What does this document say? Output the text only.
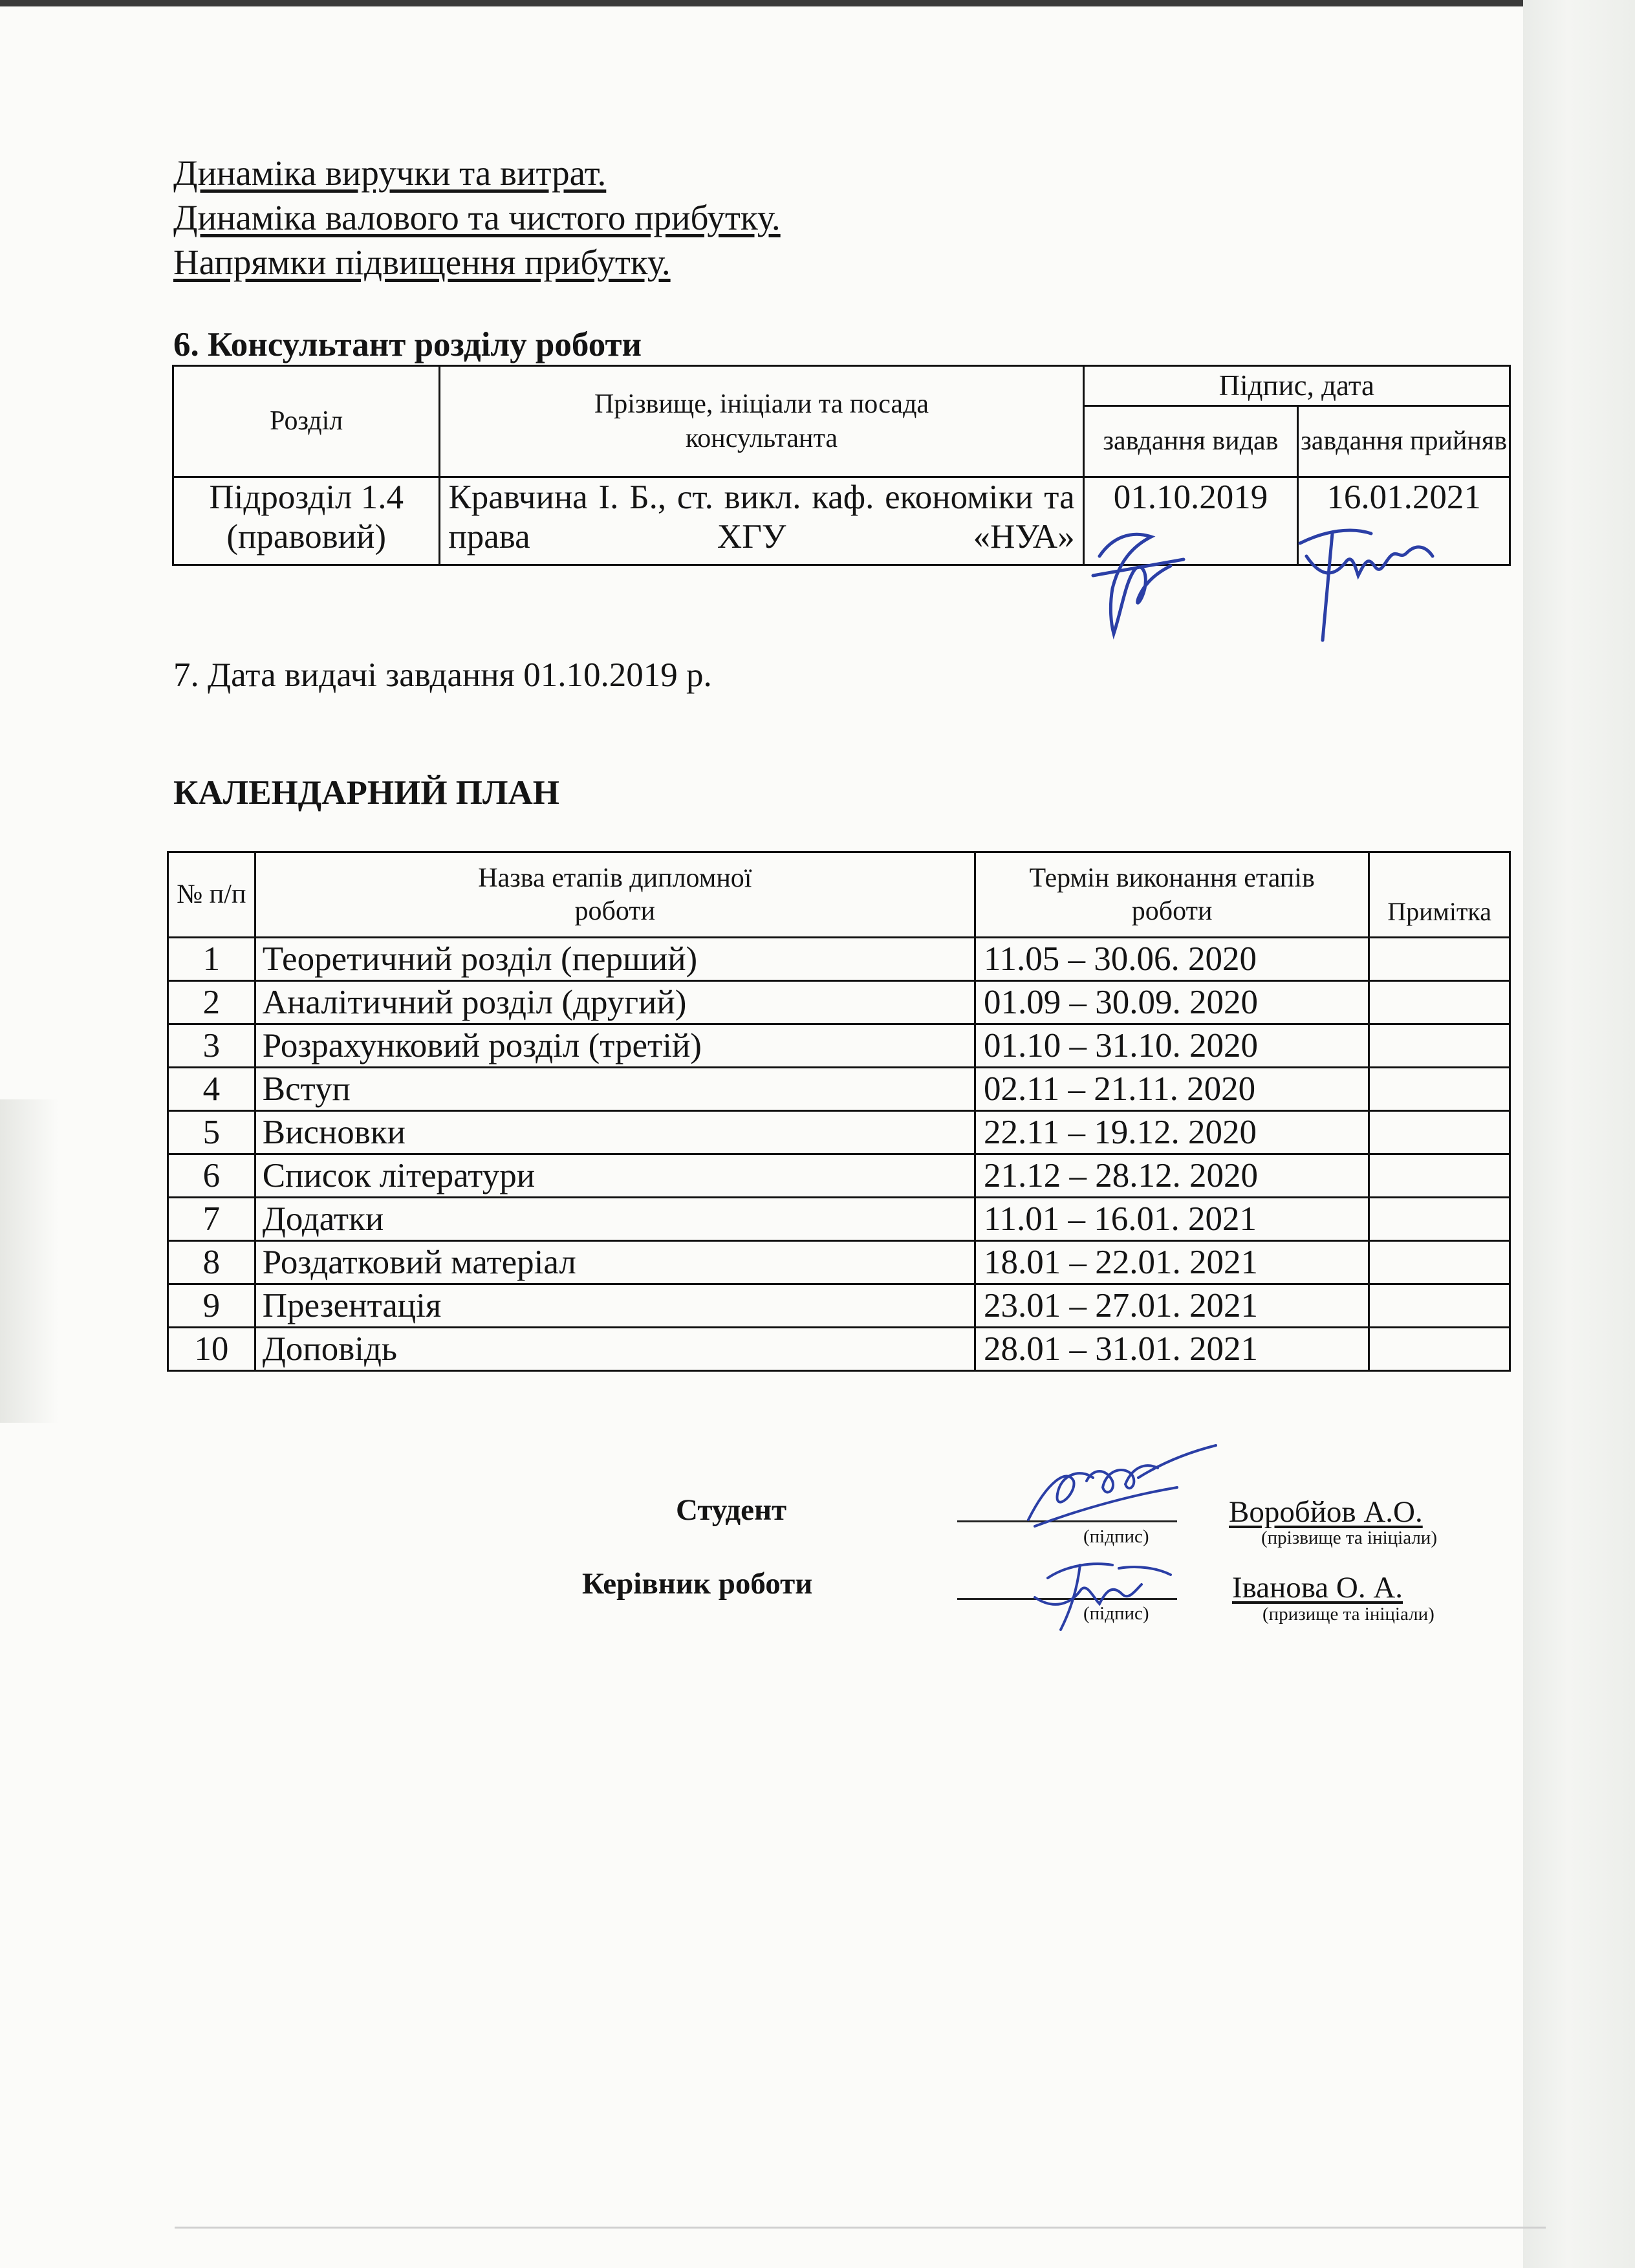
Динаміка виручки та витрат.
Динаміка валового та чистого прибутку.
Напрямки підвищення прибутку.
6. Консультант розділу роботи
Розділ	Прізвище, ініціали та посада консультанта	Підпис, дата	
		завдання видав	завдання прийняв
Підрозділ 1.4 (правовий)	Кравчина І. Б., ст. викл. каф. економіки та права ХГУ «НУА»	01.10.2019	16.01.2021
7. Дата видачі завдання 01.10.2019 р.
КАЛЕНДАРНИЙ ПЛАН
№ п/п	Назва етапів дипломної роботи	Термін виконання етапів роботи	Примітка
1	Теоретичний розділ (перший)	11.05 – 30.06. 2020	
2	Аналітичний розділ (другий)	01.09 – 30.09. 2020	
3	Розрахунковий розділ (третій)	01.10 – 31.10. 2020	
4	Вступ	02.11 – 21.11. 2020	
5	Висновки	22.11 – 19.12. 2020	
6	Список літератури	21.12 – 28.12. 2020	
7	Додатки	11.01 – 16.01. 2021	
8	Роздатковий матеріал	18.01 – 22.01. 2021	
9	Презентація	23.01 – 27.01. 2021	
10	Доповідь	28.01 – 31.01. 2021	
Студент
(підпис)
Воробйов А.О.
(прізвище та ініціали)
Керівник роботи
(підпис)
Іванова О. А.
(призище та ініціали)
